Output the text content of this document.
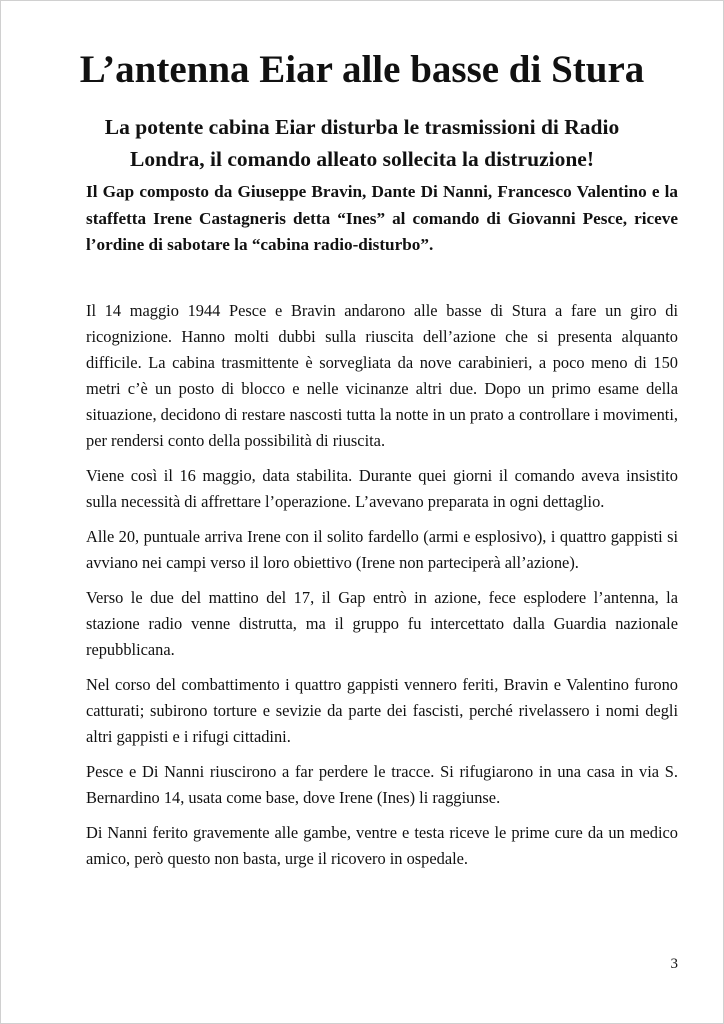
L’antenna Eiar alle basse di Stura
La potente cabina Eiar disturba le trasmissioni di Radio Londra, il comando alleato sollecita la distruzione!

Il Gap composto da Giuseppe Bravin, Dante Di Nanni, Francesco Valentino e la staffetta Irene Castagneris detta “Ines” al comando di Giovanni Pesce, riceve l’ordine di sabotare la “cabina radio-disturbo”.

Il 14 maggio 1944 Pesce e Bravin andarono alle basse di Stura a fare un giro di ricognizione. Hanno molti dubbi sulla riuscita dell’azione che si presenta alquanto difficile. La cabina trasmittente è sorvegliata da nove carabinieri, a poco meno di 150 metri c’è un posto di blocco e nelle vicinanze altri due. Dopo un primo esame della situazione, decidono di restare nascosti tutta la notte in un prato a controllare i movimenti, per rendersi conto della possibilità di riuscita.

Viene così il 16 maggio, data stabilita. Durante quei giorni il comando aveva insistito sulla necessità di affrettare l’operazione. L’avevano preparata in ogni dettaglio.

Alle 20, puntuale arriva Irene con il solito fardello (armi e esplosivo), i quattro gappisti si avviano nei campi verso il loro obiettivo (Irene non parteciperà all’azione).

Verso le due del mattino del 17, il Gap entrò in azione, fece esplodere l’antenna, la stazione radio venne distrutta, ma il gruppo fu intercettato dalla Guardia nazionale repubblicana.

Nel corso del combattimento i quattro gappisti vennero feriti, Bravin e Valentino furono catturati; subirono torture e sevizie da parte dei fascisti, perché rivelassero i nomi degli altri gappisti e i rifugi cittadini.

Pesce e Di Nanni riuscirono a far perdere le tracce. Si rifugiarono in una casa in via S. Bernardino 14, usata come base, dove Irene (Ines) li raggiunse.

Di Nanni ferito gravemente alle gambe, ventre e testa riceve le prime cure da un medico amico, però questo non basta, urge il ricovero in ospedale.

3
